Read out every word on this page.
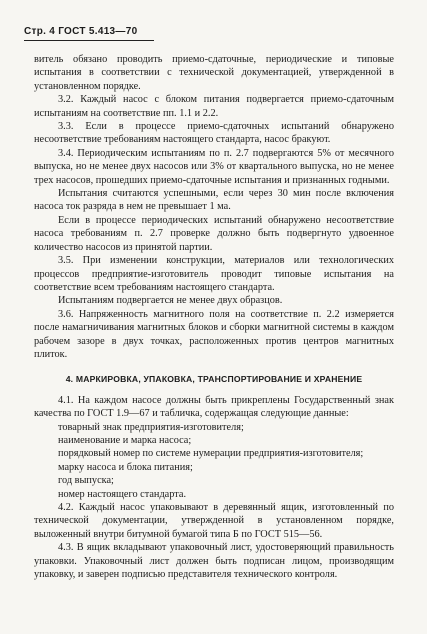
Стр. 4 ГОСТ 5.413—70

витель обязано проводить приемо-сдаточные, периодические и типовые испытания в соответствии с технической документацией, утвержденной в установленном порядке.

3.2. Каждый насос с блоком питания подвергается приемо-сдаточным испытаниям на соответствие пп. 1.1 и 2.2.

3.3. Если в процессе приемо-сдаточных испытаний обнаружено несоответствие требованиям настоящего стандарта, насос бракуют.

3.4. Периодическим испытаниям по п. 2.7 подвергаются 5% от месячного выпуска, но не менее двух насосов или 3% от квартального выпуска, но не менее трех насосов, прошедших приемо-сдаточные испытания и признанных годными.

Испытания считаются успешными, если через 30 мин после включения насоса ток разряда в нем не превышает 1 ма.

Если в процессе периодических испытаний обнаружено несоответствие насоса требованиям п. 2.7 проверке должно быть подвергнуто удвоенное количество насосов из принятой партии.

3.5. При изменении конструкции, материалов или технологических процессов предприятие-изготовитель проводит типовые испытания на соответствие всем требованиям настоящего стандарта.

Испытаниям подвергается не менее двух образцов.

3.6. Напряженность магнитного поля на соответствие п. 2.2 измеряется после намагничивания магнитных блоков и сборки магнитной системы в каждом рабочем зазоре в двух точках, расположенных против центров магнитных плиток.

4. МАРКИРОВКА, УПАКОВКА, ТРАНСПОРТИРОВАНИЕ И ХРАНЕНИЕ

4.1. На каждом насосе должны быть прикреплены Государственный знак качества по ГОСТ 1.9—67 и табличка, содержащая следующие данные:

товарный знак предприятия-изготовителя;

наименование и марка насоса;

порядковый номер по системе нумерации предприятия-изготовителя;

марку насоса и блока питания;

год выпуска;

номер настоящего стандарта.

4.2. Каждый насос упаковывают в деревянный ящик, изготовленный по технической документации, утвержденной в установленном порядке, выложенный внутри битумной бумагой типа Б по ГОСТ 515—56.

4.3. В ящик вкладывают упаковочный лист, удостоверяющий правильность упаковки. Упаковочный лист должен быть подписан лицом, производящим упаковку, и заверен подписью представителя технического контроля.
